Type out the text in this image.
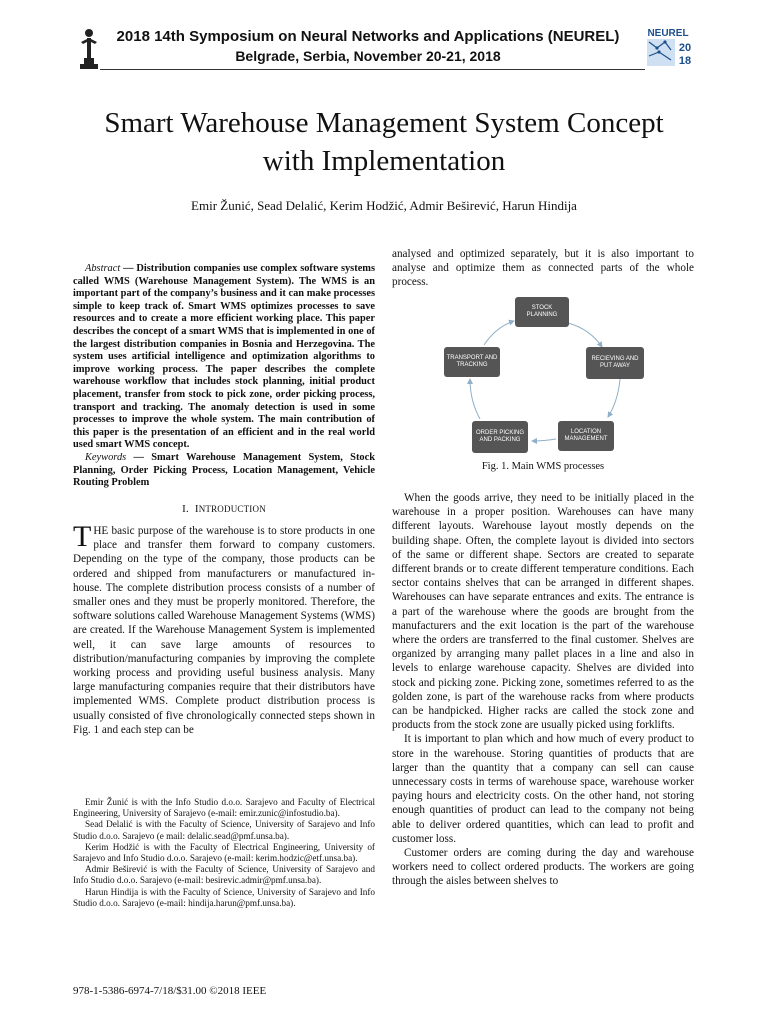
2018 14th Symposium on Neural Networks and Applications (NEUREL)
Belgrade, Serbia, November 20-21, 2018
NEUREL
20
18
Smart Warehouse Management System Concept
with Implementation
Emir Žunić, Sead Delalić, Kerim Hodžić, Admir Beširević, Harun Hindija

Abstract — Distribution companies use complex software systems called WMS (Warehouse Management System). The WMS is an important part of the company’s business and it can make processes simple to keep track of. Smart WMS optimizes processes to save resources and to create a more efficient working place. This paper describes the concept of a smart WMS that is implemented in one of the largest distribution companies in Bosnia and Herzegovina. The system uses artificial intelligence and optimization algorithms to improve working process. The paper describes the complete warehouse workflow that includes stock planning, initial product placement, transfer from stock to pick zone, order picking process, transport and tracking. The anomaly detection is used in some processes to improve the whole system. The main contribution of this paper is the presentation of an efficient and in the real world used smart WMS concept.

Keywords — Smart Warehouse Management System, Stock Planning, Order Picking Process, Location Management, Vehicle Routing Problem

I. INTRODUCTION

THE basic purpose of the warehouse is to store products in one place and transfer them forward to company customers. Depending on the type of the company, those products can be ordered and shipped from manufacturers or manufactured in-house. The complete distribution process consists of a number of smaller ones and they must be properly monitored. Therefore, the software solutions called Warehouse Management Systems (WMS) are created. If the Warehouse Management System is implemented well, it can save large amounts of resources to distribution/manufacturing companies by improving the complete working process and providing useful business analysis. Many large manufacturing companies require that their distributors have implemented WMS. Complete product distribution process is usually consisted of five chronologically connected steps shown in Fig. 1 and each step can be

Emir Žunić is with the Info Studio d.o.o. Sarajevo and Faculty of Electrical Engineering, University of Sarajevo (e-mail: emir.zunic@infostudio.ba).

Sead Delalić is with the Faculty of Science, University of Sarajevo and Info Studio d.o.o. Sarajevo (e mail: delalic.sead@pmf.unsa.ba).

Kerim Hodžić is with the Faculty of Electrical Engineering, University of Sarajevo and Info Studio d.o.o. Sarajevo (e-mail: kerim.hodzic@etf.unsa.ba).

Admir Beširević is with the Faculty of Science, University of Sarajevo and Info Studio d.o.o. Sarajevo (e-mail: besirevic.admir@pmf.unsa.ba).

Harun Hindija is with the Faculty of Science, University of Sarajevo and Info Studio d.o.o. Sarajevo (e-mail: hindija.harun@pmf.unsa.ba).

978-1-5386-6974-7/18/$31.00 ©2018 IEEE

analysed and optimized separately, but it is also important to analyse and optimize them as connected parts of the whole process.

STOCK PLANNING
RECIEVING AND PUT AWAY
LOCATION MANAGEMENT
ORDER PICKING AND PACKING
TRANSPORT AND TRACKING
Fig. 1. Main WMS processes

When the goods arrive, they need to be initially placed in the warehouse in a proper position. Warehouses can have many different layouts. Warehouse layout mostly depends on the building shape. Often, the complete layout is divided into sectors of the same or different shape. Sectors are created to separate different brands or to create different temperature conditions. Each sector contains shelves that can be arranged in different shapes. Warehouses can have separate entrances and exits. The entrance is a part of the warehouse where the goods are brought from the manufacturers and the exit location is the part of the warehouse where the orders are transferred to the final customer. Shelves are organized by arranging many pallet places in a line and also in levels to enlarge warehouse capacity. Shelves are divided into stock and picking zone. Picking zone, sometimes referred to as the golden zone, is part of the warehouse racks from where products can be handpicked. Higher racks are called the stock zone and products from the stock zone are usually picked using forklifts.

It is important to plan which and how much of every product to store in the warehouse. Storing quantities of products that are larger than the quantity that a company can sell can cause unnecessary costs in terms of warehouse space, warehouse worker paying hours and electricity costs. On the other hand, not storing enough quantities of product can lead to the company not being able to deliver ordered quantities, which can lead to profit and customer loss.

Customer orders are coming during the day and warehouse workers need to collect ordered products. The workers are going through the aisles between shelves to
